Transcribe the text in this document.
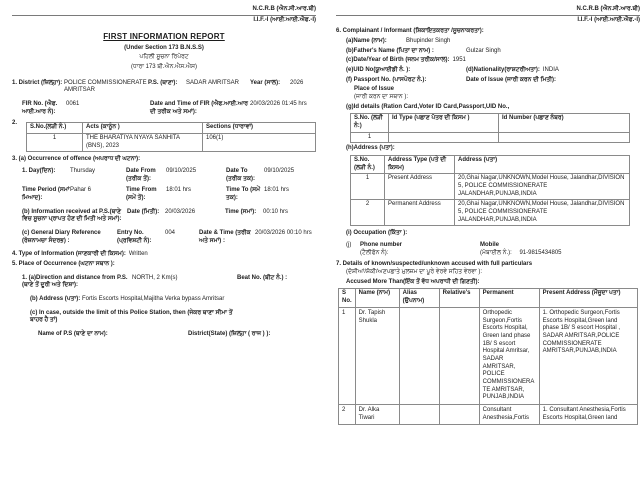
N.C.R.B (ਐਨ.ਸੀ.ਆਰ.ਬੀ)
I.I.F.-I (ਆਈ.ਆਈ.ਐਫ.-I)
FIRST INFORMATION REPORT
(Under Section 173 B.N.S.S)
ਪਹਿਲੀ ਸੂਚਨਾ ਰਿਪੋਰਟ
(ਧਾਰਾ 173 ਬੀ.ਐਨ.ਐਸ.ਐਸ)
1. District (ਜ਼ਿਲ੍ਹਾ): POLICE COMMISSIONERATE AMRITSAR
P.S. (ਥਾਣਾ):	SADAR AMRITSAR	Year (ਸਾਲ):	2026
FIR No. (ਐਫ. ਆਈ.ਆਰ ਨੰ):
0061	Date and Time of FIR (ਐਫ.ਆਈ.ਆਰ ਦੀ ਤਰੀਕ ਅਤੇ ਸਮਾਂ):
20/03/2026 01:45 hrs
2.
S.No.(ਲੜੀ ਨੰ.)	Acts (ਕਾਨੂੰਨ )	Sections (ਧਾਰਾਵਾਂ)
1	THE BHARATIYA NYAYA SANHITA (BNS), 2023	106(1)
3. (a) Occurrence of offence (ਅਪਰਾਧ ਦੀ ਘਟਨਾ):
1. Day(ਦਿਨ):	Thursday	Date From (ਤਰੀਕ ਤੋਂ):
09/10/2025	Date To (ਤਰੀਕ ਤਕ):
09/10/2025
Time Period (ਸਮਾਂ ਮਿਆਦ):
Pahar 6	Time From (ਸਮੇਂ ਤੋਂ):
18:01 hrs	Time To (ਸਮੇਂ ਤਕ):
18:01 hrs
(b) Information received at P.S.(ਥਾਣੇ ਵਿਚ ਸੂਚਨਾ ਪ੍ਰਾਪਤ ਹੋਣ ਦੀ ਮਿਤੀ ਅਤੇ ਸਮਾਂ):
Date (ਮਿਤੀ): 20/03/2026	Time (ਸਮਾਂ):	00:10 hrs
(c) General Diary Reference (ਰੋਜ਼ਨਾਮਚਾ ਸੰਦਰਭ) :
Entry No. (ਪ੍ਰਵਿਸ਼ਟੀ ਨੰ):
004	Date & Time (ਤਰੀਕ ਅਤੇ ਸਮਾਂ) :
20/03/2026 00:10 hrs
4. Type of Information (ਜਾਣਕਾਰੀ ਦੀ ਕਿਸਮ): Written
5. Place of Occurrence (ਘਟਨਾ ਸਥਾਨ ):
1. (a)Direction and distance from P.S. (ਥਾਣੇ ਤੋਂ ਦੂਰੀ ਅਤੇ ਦਿਸ਼ਾ):
NORTH, 2 Km(s)	Beat No. (ਬੀਟ ਨੰ.) :
(b) Address (ਪਤਾ): Fortis Escorts Hospital,Majitha Verka bypass Amritsar
(c) In case, outside the limit of this Police Station, then (ਜੇਕਰ ਥਾਣਾ ਸੀਮਾ ਤੋਂ ਬਾਹਰ ਹੈ ਤਾਂ)
Name of P.S (ਥਾਣੇ ਦਾ ਨਾਮ):	District(State) (ਜ਼ਿਲ੍ਹਾ ( ਰਾਜ ) ):
N.C.R.B (ਐਨ.ਸੀ.ਆਰ.ਬੀ)
I.I.F.-I (ਆਈ.ਆਈ.ਐਫ.-I)
6. Complainant / Informant (ਸ਼ਿਕਾਇਤਕਰਤਾ /ਸੂਚਨਾਕਰਤਾ):
(a)Name (ਨਾਮ):	Bhupinder Singh
(b)Father's Name (ਪਿਤਾ ਦਾ ਨਾਮ) :	Gulzar Singh
(c)Date/Year of Birth (ਜਨਮ ਤਰੀਕ/ਸਾਲ): 1951
(e)UID No(ਯੂਆਈਡੀ ਨੰ. ):	(d)Nationality(ਰਾਸ਼ਟਰੀਅਤਾ): INDIA
(f) Passport No. (ਪਾਸਪੋਰਟ ਨੰ.):	Date of Issue (ਜਾਰੀ ਕਰਨ ਦੀ ਮਿਤੀ):
Place of Issue
(ਜਾਰੀ ਕਰਨ ਦਾ ਸਥਾਨ ):
(g)Id details (Ration Card,Voter ID Card,Passport,UID No.,
S.No. (ਲੜੀ ਨੰ:)	Id Type (ਪਛਾਣ ਪੱਤਰ ਦੀ ਕਿਸਮ )	Id Number (ਪਛਾਣ ਨੰਬਰ)
1		
(h)Address (ਪਤਾ):
S.No. (ਲੜੀ ਨੰ.)	Address Type (ਪਤੇ ਦੀ ਕਿਸਮ)	Address (ਪਤਾ)
1	Present Address	20,Ghai Nagar,UNKNOWN,Model House, Jalandhar,DIVISION 5, POLICE COMMISSIONERATE JALANDHAR,PUNJAB,INDIA
2	Permanent Address	20,Ghai Nagar,UNKNOWN,Model House, Jalandhar,DIVISION 5, POLICE COMMISSIONERATE JALANDHAR,PUNJAB,INDIA
(i) Occupation (ਕਿੱਤਾ ):
(j)	Phone number
(ਟੈਲੀਫੋਨ ਨੰ):
Mobile
(ਮੋਬਾਈਲ ਨੰ.): 91-9815434805
7. Details of known/suspected/unknown accused with full particulars
(ਦੋਸ਼ੀਆਂ/ਸ਼ੱਕੀ/ਅਣਪਛਾਤੇ ਮੁਲਜ਼ਮ ਦਾ ਪੂਰੇ ਵੇਰਵੇ ਸਹਿਤ ਵੇਰਵਾ ):
Accused More Than(ਇੱਕ ਤੋਂ ਵੱਧ ਅਪਰਾਧੀ ਦੀ ਗਿਣਤੀ):
S No.	Name (ਨਾਮ)	Alias (ਉਪਨਾਮ)	Relative's	Permanent	Present Address (ਮੌਜੂਦਾ ਪਤਾ)
1	Dr. Tapish Shukla			Orthopedic Surgeon,Fortis Escorts Hospital, Green land phase 1B/ S escort Hospital Amritsar, SADAR AMRITSAR, POLICE COMMISSIONERA TE AMRITSAR, PUNJAB,INDIA	1. Orthopedic Surgeon,Fortis Escorts Hospital,Green land phase 1B/ S escort Hospital , SADAR AMRITSAR,POLICE COMMISSIONERATE AMRITSAR,PUNJAB,INDIA
2	Dr. Alka Tiwari			Consultant Anesthesia,Fortis	1. Consultant Anesthesia,Fortis Escorts Hospital,Green land
